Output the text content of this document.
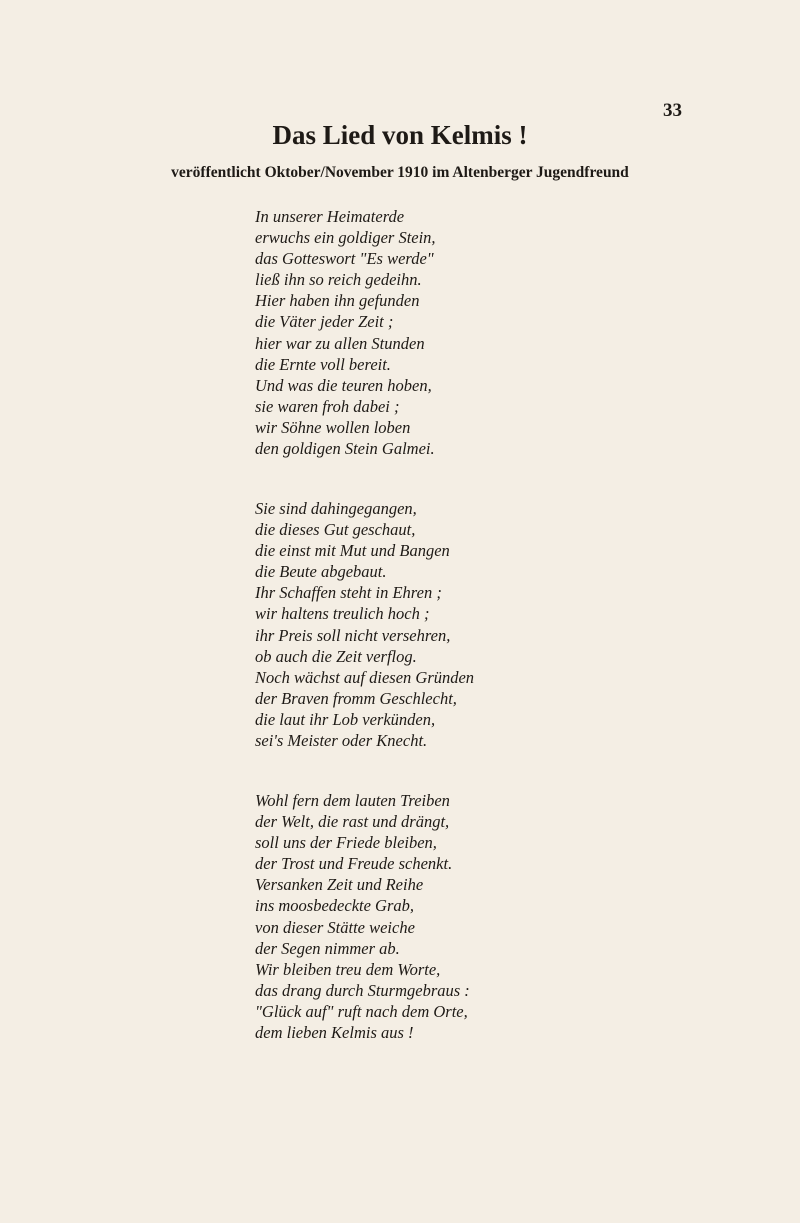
33
Das Lied von Kelmis !

veröffentlicht Oktober/November 1910 im Altenberger Jugendfreund

In unserer Heimaterde
erwuchs ein goldiger Stein,
das Gotteswort "Es werde"
ließ ihn so reich gedeihn.
Hier haben ihn gefunden
die Väter jeder Zeit ;
hier war zu allen Stunden
die Ernte voll bereit.
Und was die teuren hoben,
sie waren froh dabei ;
wir Söhne wollen loben
den goldigen Stein Galmei.
Sie sind dahingegangen,
die dieses Gut geschaut,
die einst mit Mut und Bangen
die Beute abgebaut.
Ihr Schaffen steht in Ehren ;
wir haltens treulich hoch ;
ihr Preis soll nicht versehren,
ob auch die Zeit verflog.
Noch wächst auf diesen Gründen
der Braven fromm Geschlecht,
die laut ihr Lob verkünden,
sei's Meister oder Knecht.
Wohl fern dem lauten Treiben
der Welt, die rast und drängt,
soll uns der Friede bleiben,
der Trost und Freude schenkt.
Versanken Zeit und Reihe
ins moosbedeckte Grab,
von dieser Stätte weiche
der Segen nimmer ab.
Wir bleiben treu dem Worte,
das drang durch Sturmgebraus :
"Glück auf" ruft nach dem Orte,
dem lieben Kelmis aus !
